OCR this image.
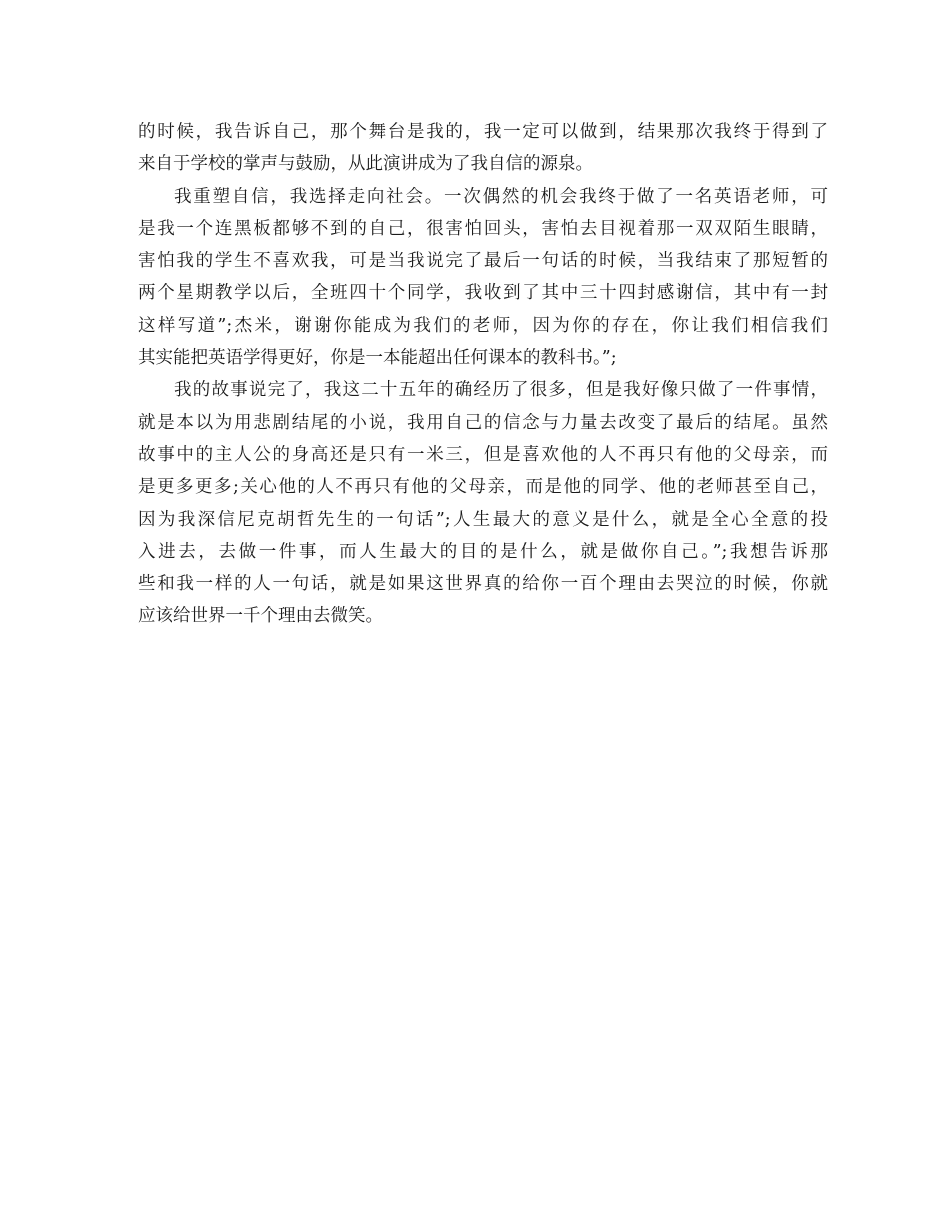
的时候，我告诉自己，那个舞台是我的，我一定可以做到，结果那次我终于得到了
来自于学校的掌声与鼓励，从此演讲成为了我自信的源泉。
我重塑自信，我选择走向社会。一次偶然的机会我终于做了一名英语老师，可
是我一个连黑板都够不到的自己，很害怕回头，害怕去目视着那一双双陌生眼睛，
害怕我的学生不喜欢我，可是当我说完了最后一句话的时候，当我结束了那短暂的
两个星期教学以后，全班四十个同学，我收到了其中三十四封感谢信，其中有一封
这样写道”;杰米，谢谢你能成为我们的老师，因为你的存在，你让我们相信我们
其实能把英语学得更好，你是一本能超出任何课本的教科书。”;
我的故事说完了，我这二十五年的确经历了很多，但是我好像只做了一件事情，
就是本以为用悲剧结尾的小说，我用自己的信念与力量去改变了最后的结尾。虽然
故事中的主人公的身高还是只有一米三，但是喜欢他的人不再只有他的父母亲，而
是更多更多;关心他的人不再只有他的父母亲，而是他的同学、他的老师甚至自己，
因为我深信尼克胡哲先生的一句话”;人生最大的意义是什么，就是全心全意的投
入进去，去做一件事，而人生最大的目的是什么，就是做你自己。”;我想告诉那
些和我一样的人一句话，就是如果这世界真的给你一百个理由去哭泣的时候，你就
应该给世界一千个理由去微笑。
